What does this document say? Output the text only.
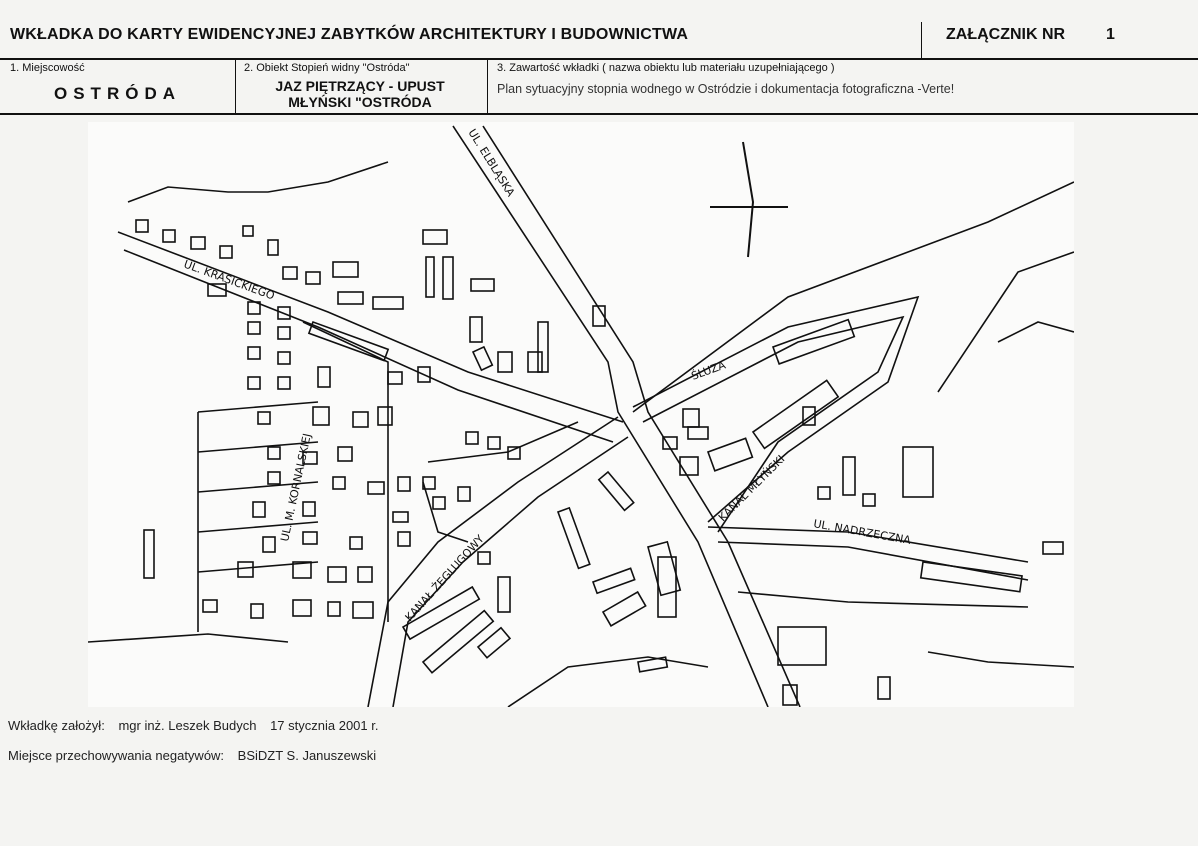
WKŁADKA DO KARTY EWIDENCYJNEJ ZABYTKÓW ARCHITEKTURY I BUDOWNICTWA	ZAŁĄCZNIK NR	1
1. Miejscowość
OSTRÓDA
2. Obiekt Stopień widny "Ostróda"
JAZ PIĘTRZĄCY - UPUST
MŁYŃSKI "OSTRÓDA
3. Zawartość wkładki ( nazwa obiektu lub materiału uzupełniającego )
Plan sytuacyjny stopnia wodnego w Ostródzie i dokumentacja fotograficzna -Verte!
UL. ELBLĄSKA
UL. KRASICKIEGO
UL. M. KORNALSKIEJ	UL. NADRZECZNA
KANAŁ ŻEGLUGOWY
KANAŁ MŁYŃSKI
ŚLUZA
Wkładkę założył: mgr inż. Leszek Budych 17 stycznia 2001 r.
Miejsce przechowywania negatywów: BSiDZT S. Januszewski
